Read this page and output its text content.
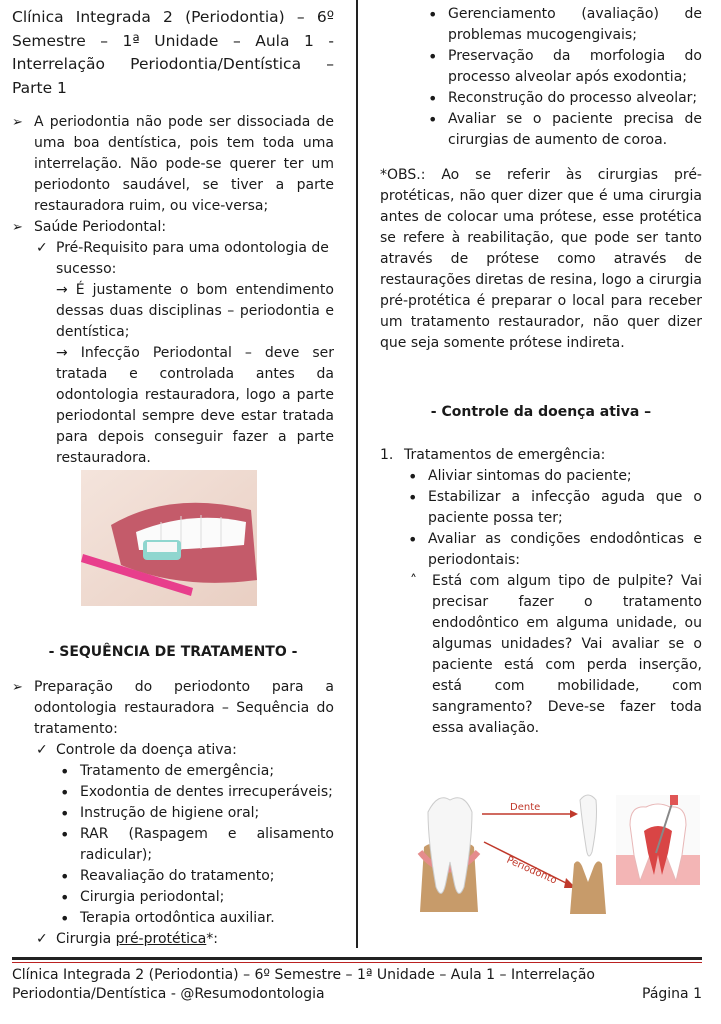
Clínica Integrada 2 (Periodontia) – 6º
Semestre – 1ª Unidade – Aula 1 -
Interrelação Periodontia/Dentística –
Parte 1
➢ A periodontia não pode ser dissociada de uma boa dentística, pois tem toda uma interrelação. Não pode-se querer ter um periodonto saudável, se tiver a parte restauradora ruim, ou vice-versa;
➢ Saúde Periodontal:
✓ Pré-Requisito para uma odontologia de sucesso:

→ É justamente o bom entendimento dessas duas disciplinas – periodontia e dentística;

→ Infecção Periodontal – deve ser tratada e controlada antes da odontologia restauradora, logo a parte periodontal sempre deve estar tratada para depois conseguir fazer a parte restauradora.

- SEQUÊNCIA DE TRATAMENTO -

➢ Preparação do periodonto para a odontologia restauradora – Sequência do tratamento:
✓ Controle da doença ativa:
• Tratamento de emergência;
• Exodontia de dentes irrecuperáveis;
• Instrução de higiene oral;
• RAR (Raspagem e alisamento radicular);
• Reavaliação do tratamento;
• Cirurgia periodontal;
• Terapia ortodôntica auxiliar.
✓ Cirurgia pré-protética*:
• Gerenciamento (avaliação) de problemas mucogengivais;
• Preservação da morfologia do processo alveolar após exodontia;
• Reconstrução do processo alveolar;
• Avaliar se o paciente precisa de cirurgias de aumento de coroa.

*OBS.: Ao se referir às cirurgias pré-protéticas, não quer dizer que é uma cirurgia antes de colocar uma prótese, esse protética se refere à reabilitação, que pode ser tanto através de prótese como através de restaurações diretas de resina, logo a cirurgia pré-protética é preparar o local para receber um tratamento restaurador, não quer dizer que seja somente prótese indireta.

- Controle da doença ativa –

1. Tratamentos de emergência:
• Aliviar sintomas do paciente;
• Estabilizar a infecção aguda que o paciente possa ter;
• Avaliar as condições endodônticas e periodontais:
˄ Está com algum tipo de pulpite? Vai precisar fazer o tratamento endodôntico em alguma unidade, ou algumas unidades? Vai avaliar se o paciente está com perda inserção, está com mobilidade, com sangramento? Deve-se fazer toda essa avaliação.
Dente
Periodonto
Clínica Integrada 2 (Periodontia) – 6º Semestre – 1ª Unidade – Aula 1 – Interrelação
Periodontia/Dentística - @Resumodontologia	Página 1
